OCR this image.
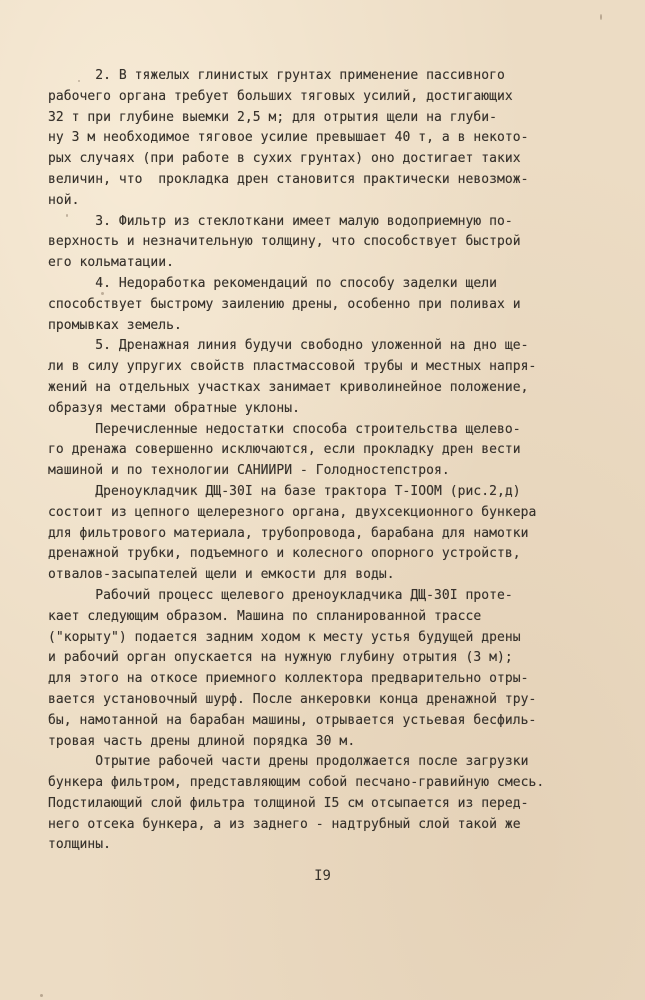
2. В тяжелых глинистых грунтах применение пассивного
рабочего органа требует больших тяговых усилий, достигающих
32 т при глубине выемки 2,5 м; для отрытия щели на глуби-
ну 3 м необходимое тяговое усилие превышает 40 т, а в некото-
рых случаях (при работе в сухих грунтах) оно достигает таких
величин, что  прокладка дрен становится практически невозмож-
ной.
3. Фильтр из стеклоткани имеет малую водоприемную по-
верхность и незначительную толщину, что способствует быстрой
его кольматации.
4. Недоработка рекомендаций по способу заделки щели
способствует быстрому заилению дрены, особенно при поливах и
промывках земель.
5. Дренажная линия будучи свободно уложенной на дно ще-
ли в силу упругих свойств пластмассовой трубы и местных напря-
жений на отдельных участках занимает криволинейное положение,
образуя местами обратные уклоны.
Перечисленные недостатки способа строительства щелево-
го дренажа совершенно исключаются, если прокладку дрен вести
машиной и по технологии САНИИРИ - Голодностепстроя.
Дреноукладчик ДЩ-30I на базе трактора Т-IООМ (рис.2,д)
состоит из цепного щелерезного органа, двухсекционного бункера
для фильтрового материала, трубопровода, барабана для намотки
дренажной трубки, подъемного и колесного опорного устройств,
отвалов-засыпателей щели и емкости для воды.
Рабочий процесс щелевого дреноукладчика ДЩ-30I проте-
кает следующим образом. Машина по спланированной трассе
("корыту") подается задним ходом к месту устья будущей дрены
и рабочий орган опускается на нужную глубину отрытия (3 м);
для этого на откосе приемного коллектора предварительно отры-
вается установочный шурф. После анкеровки конца дренажной тру-
бы, намотанной на барабан машины, отрывается устьевая бесфиль-
тровая часть дрены длиной порядка 30 м.
Отрытие рабочей части дрены продолжается после загрузки
бункера фильтром, представляющим собой песчано-гравийную смесь.
Подстилающий слой фильтра толщиной I5 см отсыпается из перед-
него отсека бункера, а из заднего - надтрубный слой такой же
толщины.
I9
